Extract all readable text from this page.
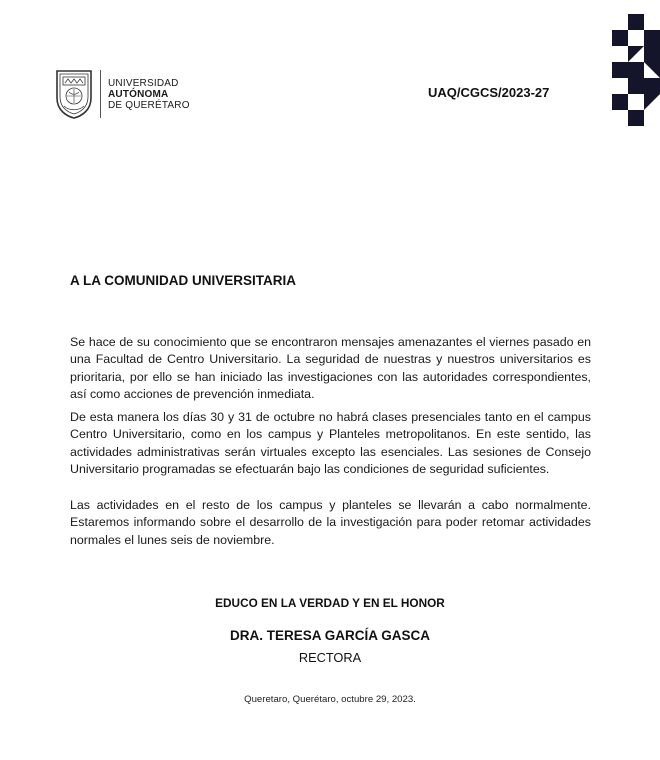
UNIVERSIDAD
AUTÓNOMA
DE QUERÉTARO
UAQ/CGCS/2023-27
A LA COMUNIDAD UNIVERSITARIA
Se hace de su conocimiento que se encontraron mensajes amenazantes el viernes pasado en una Facultad de Centro Universitario. La seguridad de nuestras y nuestros universitarios es prioritaria, por ello se han iniciado las investigaciones con las autoridades correspondientes, así como acciones de prevención inmediata.
De esta manera los días 30 y 31 de octubre no habrá clases presenciales tanto en el campus Centro Universitario, como en los campus y Planteles metropolitanos. En este sentido, las actividades administrativas serán virtuales excepto las esenciales. Las sesiones de Consejo Universitario programadas se efectuarán bajo las condiciones de seguridad suficientes.
Las actividades en el resto de los campus y planteles se llevarán a cabo normalmente. Estaremos informando sobre el desarrollo de la investigación para poder retomar actividades normales el lunes seis de noviembre.
EDUCO EN LA VERDAD Y EN EL HONOR
DRA. TERESA GARCÍA GASCA
RECTORA
Queretaro, Querétaro, octubre 29, 2023.
